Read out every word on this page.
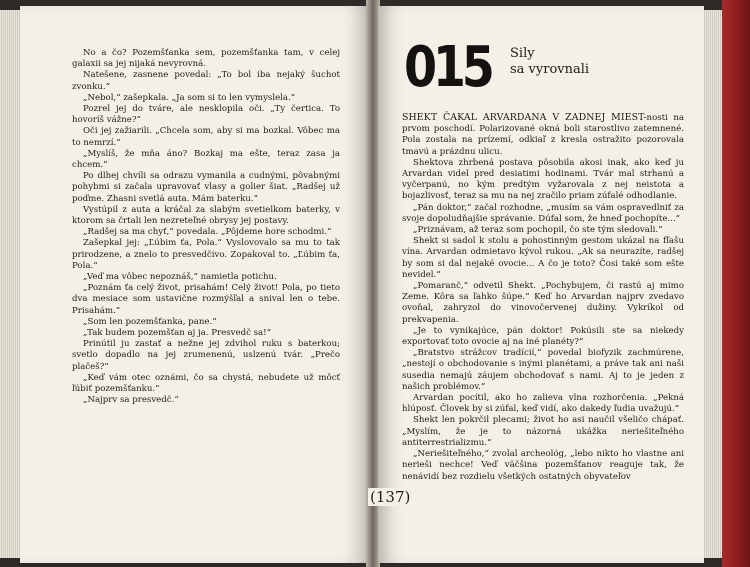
No a čo? Pozemšťanka sem, pozemšťanka tam, v celej galaxii sa jej nijaká nevyrovná.

Natešene, zasnene povedal: „To bol iba nejaký šuchot zvonku.“

„Nebol,“ zašepkala. „Ja som si to len vymyslela.“

Pozrel jej do tváre, ale nesklopila oči. „Ty čertica. To hovoríš vážne?“

Oči jej zažiarili. „Chcela som, aby si ma bozkal. Vôbec ma to nemrzí.“

„Myslíš, že mňa áno? Bozkaj ma ešte, teraz zasa ja chcem.“

Po dlhej chvíli sa odrazu vymanila a cudnými, pôvabnými pohybmi si začala upravovať vlasy a golier šiat. „Radšej už poďme. Zhasni svetlá auta. Mám baterku.“

Vystúpil z auta a kráčal za slabým svetielkom baterky, v ktorom sa črtali len nezreteľné obrysy jej postavy.

„Radšej sa ma chyť,“ povedala. „Pôjdeme hore schodmi.“

Zašepkal jej: „Ľúbim ťa, Pola.“ Vyslovovalo sa mu to tak prirodzene, a znelo to presvedčivo. Zopakoval to. „Ľúbim ťa, Pola.“

„Veď ma vôbec nepoznáš,“ namietla potichu.

„Poznám ťa celý život, prisahám! Celý život! Pola, po tieto dva mesiace som ustavične rozmýšľal a snival len o tebe. Prisahám.“

„Som len pozemšťanka, pane.“

„Tak budem pozemšťan aj ja. Presvedč sa!“

Prinútil ju zastať a nežne jej zdvihol ruku s baterkou; svetlo dopadlo na jej zrumenenú, uslzenú tvár. „Prečo plačeš?“

„Keď vám otec oznámi, čo sa chystá, nebudete už môcť ľúbiť pozemšťanku.“

„Najprv sa presvedč.“

015 Sily
sa vyrovnali

SHEKT ČAKAL ARVARDANA V ZADNEJ MIEST-nosti na prvom poschodí. Polarizované okná boli starostlivo zatemnené. Pola zostala na prízemí, odkiaľ z kresla ostražito pozorovala tmavú a prázdnu ulicu.

Shektova zhrbená postava pôsobila akosi inak, ako keď ju Arvardan videl pred desiatimi hodinami. Tvár mal strhanú a vyčerpanú, no kým predtým vyžarovala z nej neistota a bojazlivosť, teraz sa mu na nej zračilo priam zúfalé odhodlanie.

„Pán doktor,“ začal rozhodne, „musím sa vám ospravedlniť za svoje dopoludňajšie správanie. Dúfal som, že hneď pochopíte...“

„Priznávam, až teraz som pochopil, čo ste tým sledovali.“

Shekt si sadol k stolu a pohostinným gestom ukázal na fľašu vína. Arvardan odmietavo kývol rukou. „Ak sa neurazíte, radšej by som si dal nejaké ovocie... A čo je toto? Čosi také som ešte nevidel.“

„Pomaranč,“ odvetil Shekt. „Pochybujem, či rastú aj mimo Zeme. Kôra sa ľahko šúpe.“ Keď ho Arvardan najprv zvedavo ovoňal, zahryzol do vinovočervenej dužiny. Vykríkol od prekvapenia.

„Je to vynikajúce, pán doktor! Pokúsili ste sa niekedy exportovať toto ovocie aj na iné planéty?“

„Bratstvo strážcov tradícií,“ povedal biofyzik zachmúrene, „nestojí o obchodovanie s inými planétami, a práve tak ani naši susedia nemajú záujem obchodovať s nami. Aj to je jeden z našich problémov.“

Arvardan pocítil, ako ho zalieva vlna rozhorčenia. „Pekná hlúposť. Človek by si zúfal, keď vidí, ako dakedy ľudia uvažujú.“

Shekt len pokrčil plecami; život ho asi naučil všeličo chápať. „Myslím, že je to názorná ukážka neriešiteľného antiterrestrializmu.“

„Neriešiteľného,“ zvolal archeológ, „lebo nikto ho vlastne ani nerieši nechce! Veď väčšina pozemšťanov reaguje tak, že nenávidí bez rozdielu všetkých ostatných obyvateľov

(137)
